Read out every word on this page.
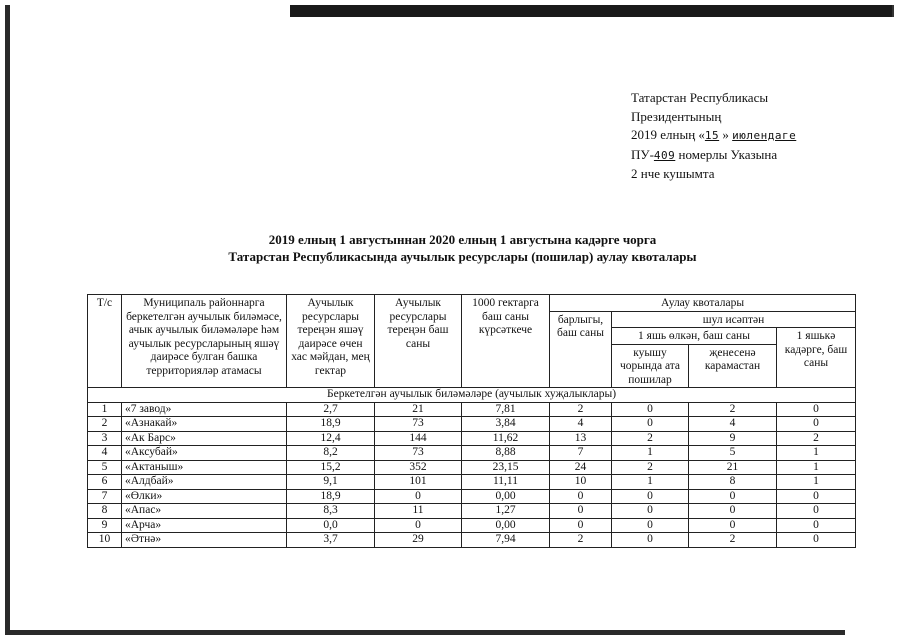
Татарстан Республикасы
Президентының
2019 елның «15 » июлендаге
ПУ-409 номерлы Указына
2 нче кушымта
2019 елның 1 августыннан 2020 елның 1 августына кадәрге чорга
Татарстан Республикасында аучылык ресурслары (пошилар) аулау квоталары
Т/с	Муниципаль районнарга беркетелгән аучылык биләмәсе, ачык аучылык биләмәләре һәм аучылык ресурсларының яшәү даирәсе булган башка территорияләр атамасы	Аучылык ресурслары тереңэн яшәү даирәсе өчен хас мәйдан, мең гектар	Аучылык ресурслары тереңэн баш саны	1000 гектарга баш саны күрсәткече	Аулау квоталары			
					барлыгы, баш саны	шул исәптән		
						1 яшь өлкән, баш саны		1 яшькә кадәрге, баш саны
						куышу чорында ата пошилар	җенесенә карамастан	
Беркетелгән аучылык биләмәләре (аучылык хуҗалыклары)								
1	«7 завод»	2,7	21	7,81	2	0	2	0
2	«Азнакай»	18,9	73	3,84	4	0	4	0
3	«Ак Барс»	12,4	144	11,62	13	2	9	2
4	«Аксубай»	8,2	73	8,88	7	1	5	1
5	«Актаныш»	15,2	352	23,15	24	2	21	1
6	«Алдбай»	9,1	101	11,11	10	1	8	1
7	«Өлки»	18,9	0	0,00	0	0	0	0
8	«Апас»	8,3	11	1,27	0	0	0	0
9	«Арча»	0,0	0	0,00	0	0	0	0
10	«Әтнә»	3,7	29	7,94	2	0	2	0
